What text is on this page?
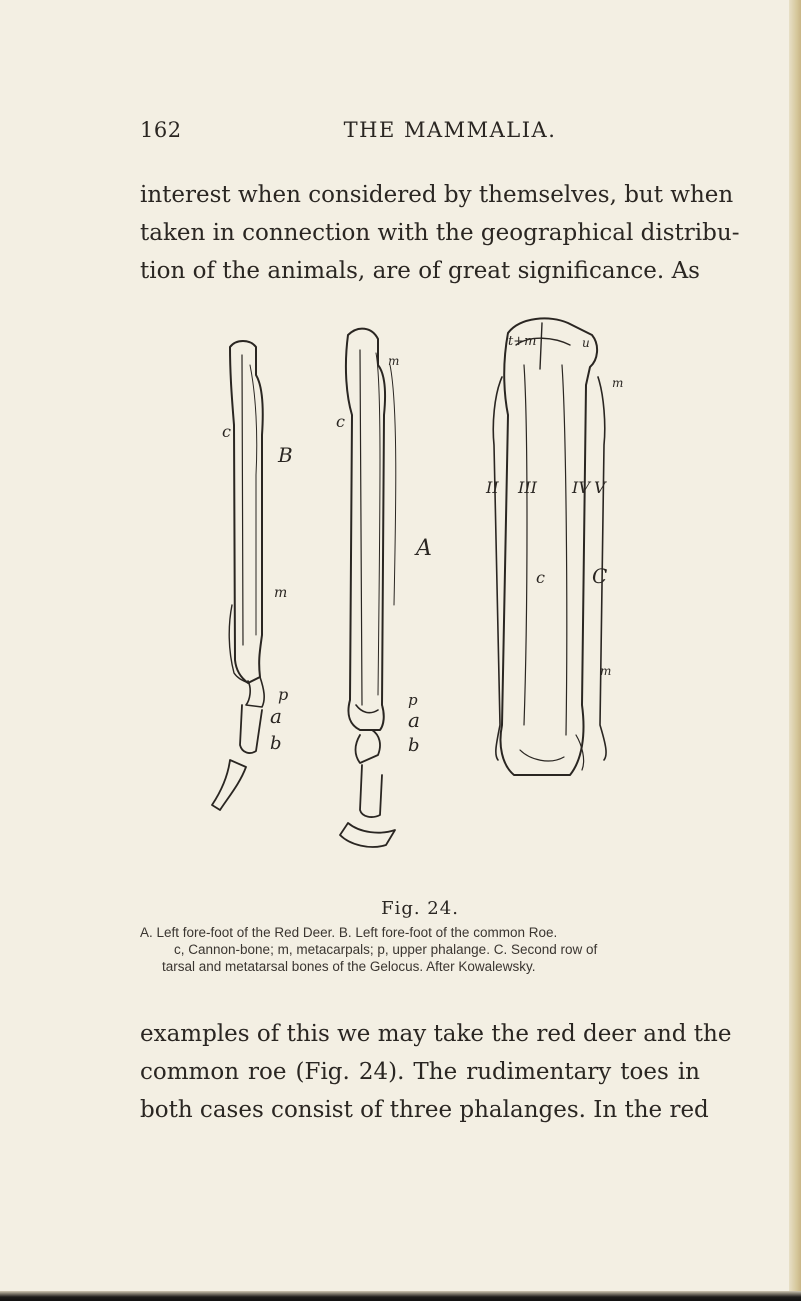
162	THE MAMMALIA.
interest when considered by themselves, but when
taken in connection with the geographical distribu-
tion of the animals, are of great significance. As
c
B
m
p
a
b
c
m
A
p
a
b
t+m	u
m
II III IV V
c C
m
Fig. 24.
A. Left fore-foot of the Red Deer. B. Left fore-foot of the common Roe.
c, Cannon-bone; m, metacarpals; p, upper phalange. C. Second row of
tarsal and metatarsal bones of the Gelocus. After Kowalewsky.
examples of this we may take the red deer and the
common roe (Fig. 24). The rudimentary toes in
both cases consist of three phalanges. In the red
